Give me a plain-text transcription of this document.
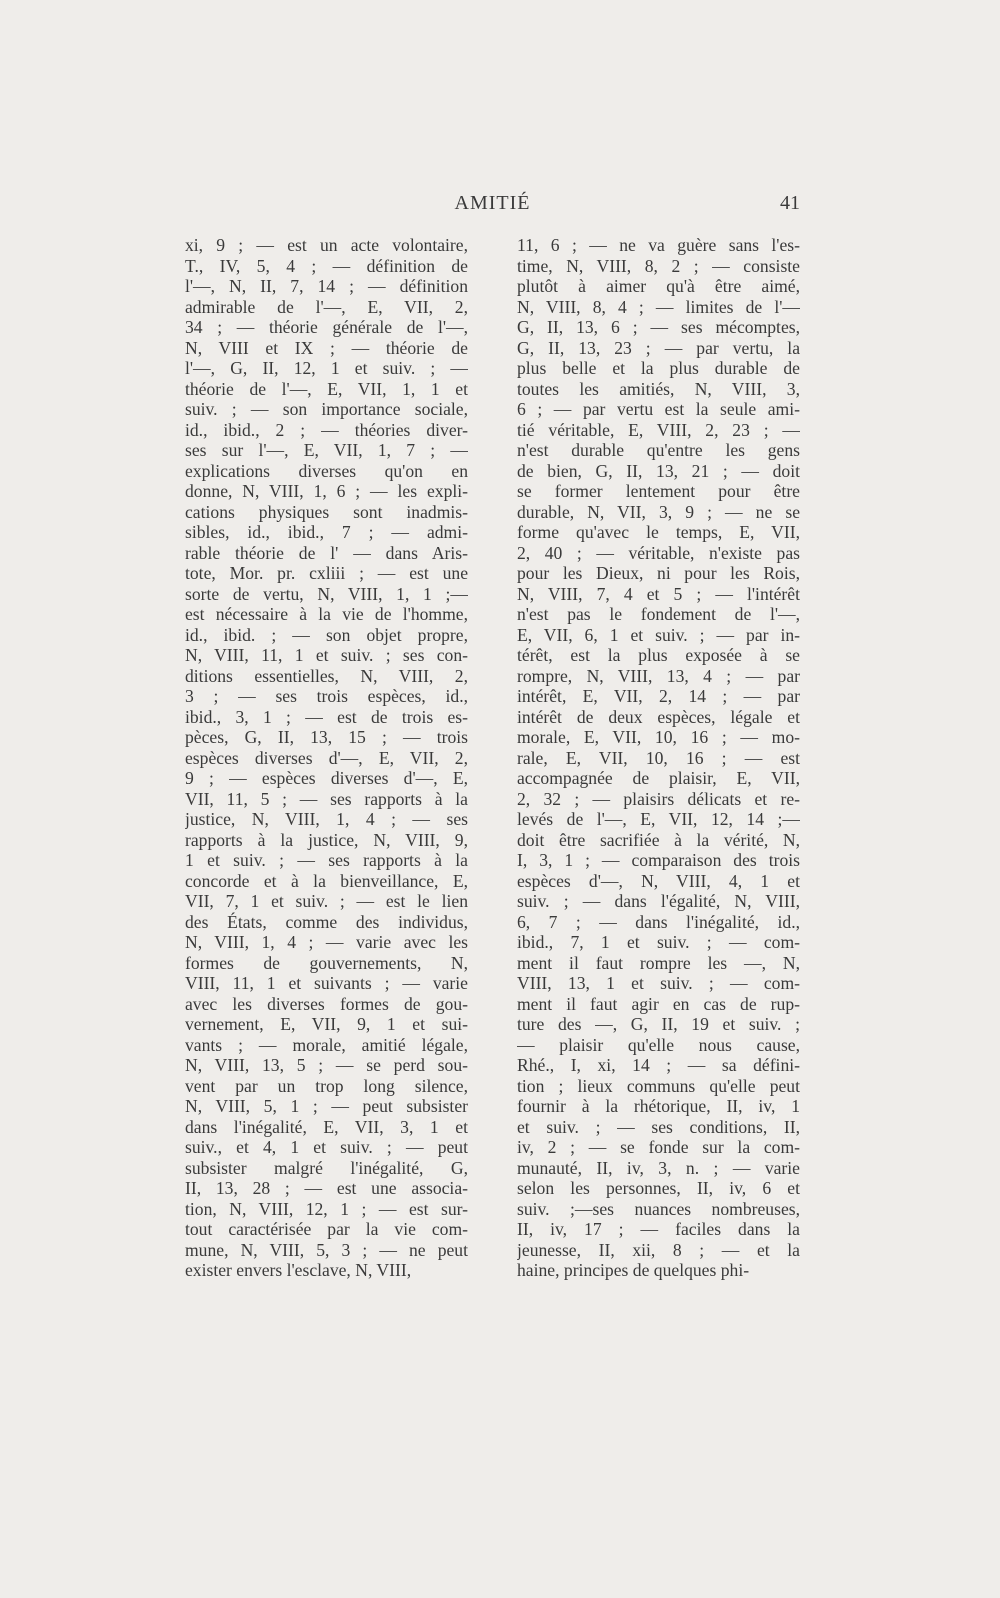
AMITIÉ	41
xi, 9 ; — est un acte volontaire,
T., IV, 5, 4 ; — définition de
l'—, N, II, 7, 14 ; — définition
admirable de l'—, E, VII, 2,
34 ; — théorie générale de l'—,
N, VIII et IX ; — théorie de
l'—, G, II, 12, 1 et suiv. ; —
théorie de l'—, E, VII, 1, 1 et
suiv. ; — son importance sociale,
id., ibid., 2 ; — théories diver-
ses sur l'—, E, VII, 1, 7 ; —
explications diverses qu'on en
donne, N, VIII, 1, 6 ; — les expli-
cations physiques sont inadmis-
sibles, id., ibid., 7 ; — admi-
rable théorie de l' — dans Aris-
tote, Mor. pr. cxliii ; — est une
sorte de vertu, N, VIII, 1, 1 ;—
est nécessaire à la vie de l'homme,
id., ibid. ; — son objet propre,
N, VIII, 11, 1 et suiv. ; ses con-
ditions essentielles, N, VIII, 2,
3 ; — ses trois espèces, id.,
ibid., 3, 1 ; — est de trois es-
pèces, G, II, 13, 15 ; — trois
espèces diverses d'—, E, VII, 2,
9 ; — espèces diverses d'—, E,
VII, 11, 5 ; — ses rapports à la
justice, N, VIII, 1, 4 ; — ses
rapports à la justice, N, VIII, 9,
1 et suiv. ; — ses rapports à la
concorde et à la bienveillance, E,
VII, 7, 1 et suiv. ; — est le lien
des États, comme des individus,
N, VIII, 1, 4 ; — varie avec les
formes de gouvernements, N,
VIII, 11, 1 et suivants ; — varie
avec les diverses formes de gou-
vernement, E, VII, 9, 1 et sui-
vants ; — morale, amitié légale,
N, VIII, 13, 5 ; — se perd sou-
vent par un trop long silence,
N, VIII, 5, 1 ; — peut subsister
dans l'inégalité, E, VII, 3, 1 et
suiv., et 4, 1 et suiv. ; — peut
subsister malgré l'inégalité, G,
II, 13, 28 ; — est une associa-
tion, N, VIII, 12, 1 ; — est sur-
tout caractérisée par la vie com-
mune, N, VIII, 5, 3 ; — ne peut
exister envers l'esclave, N, VIII,
11, 6 ; — ne va guère sans l'es-
time, N, VIII, 8, 2 ; — consiste
plutôt à aimer qu'à être aimé,
N, VIII, 8, 4 ; — limites de l'—
G, II, 13, 6 ; — ses mécomptes,
G, II, 13, 23 ; — par vertu, la
plus belle et la plus durable de
toutes les amitiés, N, VIII, 3,
6 ; — par vertu est la seule ami-
tié véritable, E, VIII, 2, 23 ; —
n'est durable qu'entre les gens
de bien, G, II, 13, 21 ; — doit
se former lentement pour être
durable, N, VII, 3, 9 ; — ne se
forme qu'avec le temps, E, VII,
2, 40 ; — véritable, n'existe pas
pour les Dieux, ni pour les Rois,
N, VIII, 7, 4 et 5 ; — l'intérêt
n'est pas le fondement de l'—,
E, VII, 6, 1 et suiv. ; — par in-
térêt, est la plus exposée à se
rompre, N, VIII, 13, 4 ; — par
intérêt, E, VII, 2, 14 ; — par
intérêt de deux espèces, légale et
morale, E, VII, 10, 16 ; — mo-
rale, E, VII, 10, 16 ; — est
accompagnée de plaisir, E, VII,
2, 32 ; — plaisirs délicats et re-
levés de l'—, E, VII, 12, 14 ;—
doit être sacrifiée à la vérité, N,
I, 3, 1 ; — comparaison des trois
espèces d'—, N, VIII, 4, 1 et
suiv. ; — dans l'égalité, N, VIII,
6, 7 ; — dans l'inégalité, id.,
ibid., 7, 1 et suiv. ; — com-
ment il faut rompre les —, N,
VIII, 13, 1 et suiv. ; — com-
ment il faut agir en cas de rup-
ture des —, G, II, 19 et suiv. ;
— plaisir qu'elle nous cause,
Rhé., I, xi, 14 ; — sa défini-
tion ; lieux communs qu'elle peut
fournir à la rhétorique, II, iv, 1
et suiv. ; — ses conditions, II,
iv, 2 ; — se fonde sur la com-
munauté, II, iv, 3, n. ; — varie
selon les personnes, II, iv, 6 et
suiv. ;—ses nuances nombreuses,
II, iv, 17 ; — faciles dans la
jeunesse, II, xii, 8 ; — et la
haine, principes de quelques phi-
